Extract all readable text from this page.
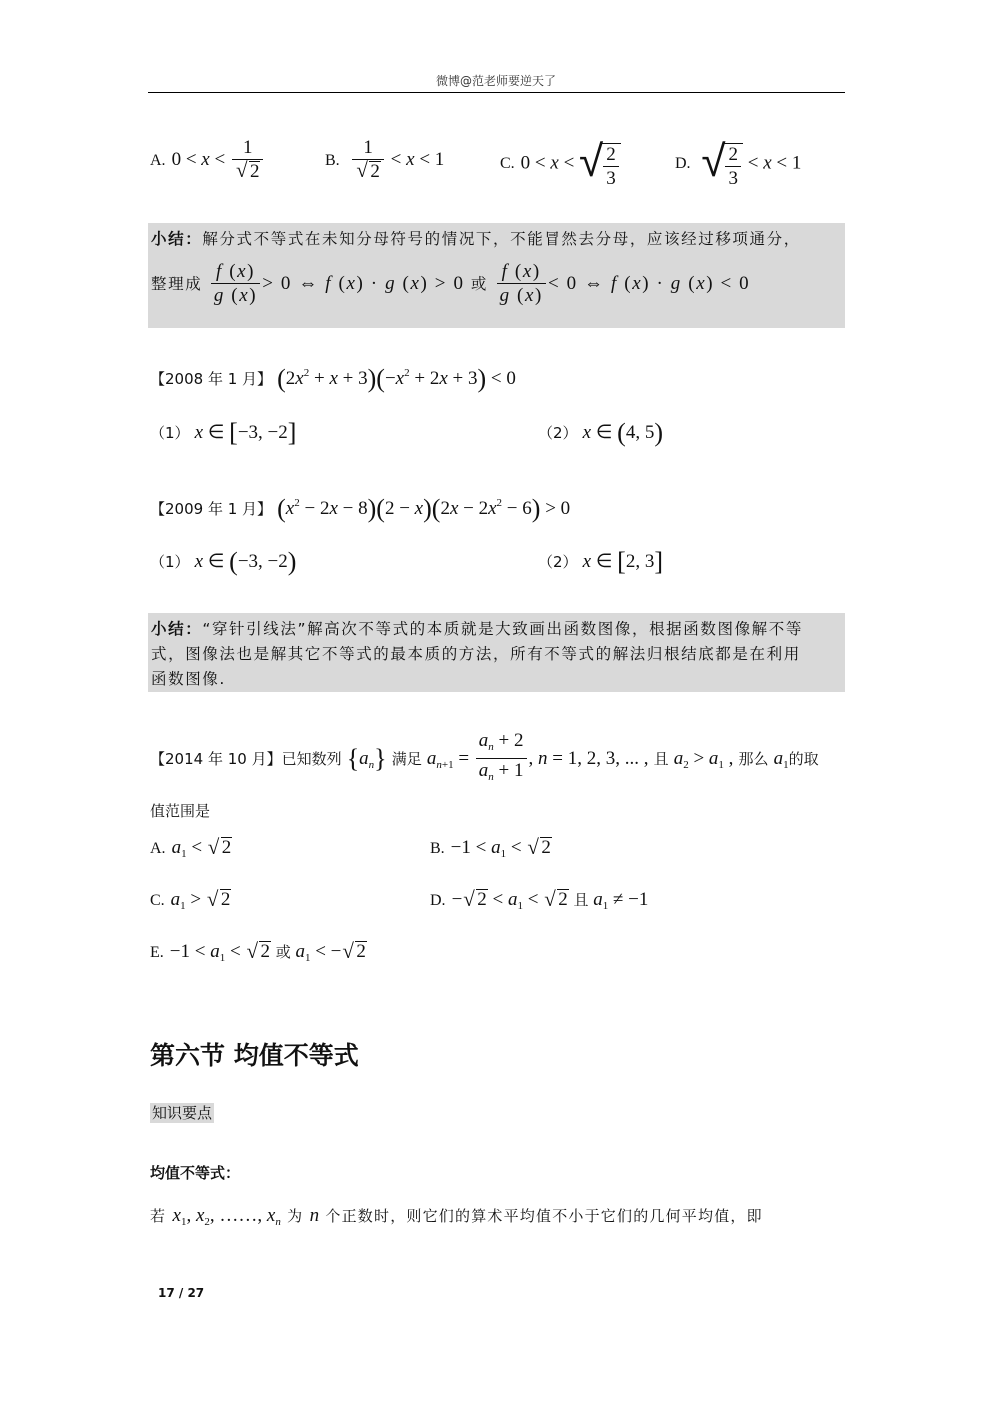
微博@范老师要逆天了
A. 0 < x < 1
√ 2	B. 1
√ 2 < x < 1	C. 0 < x < √ $\frac{2}{3}$	D. √ $\frac{2}{3} < x < 1$
小结：解分式不等式在未知分母符号的情况下，不能冒然去分母，应该经过移项通分，
整理成 $\frac{f (x)}{g (x)} > 0$ ⇔ f (x) · g (x) > 0 或 $\frac{f (x)}{g (x)} < 0$ ⇔ f (x) · g (x) < 0
【2008 年 1 月】 $(2x^2 + x + 3)(-x^2 + 2x + 3) < 0$
（1） x ∈ [−3, −2]	（2） x ∈ (4, 5)
【2009 年 1 月】 $(x^2 - 2x - 8)(2 - x)(2x - 2x^2 - 6) > 0$
（1） x ∈ (−3, −2)	（2） x ∈ [2, 3]
小结：“穿针引线法”解高次不等式的本质就是大致画出函数图像，根据函数图像解不等
式，图像法也是解其它不等式的最本质的方法，所有不等式的解法归根结底都是在利用
函数图像.
【2014 年 10 月】已知数列 $\{a_n\}$ 满足 $a_{n+1} = \frac{a_n + 2}{a_n + 1}$ , n = 1, 2, 3, ... , 且 $a_2 > a_1$ , 那么 $a_1$的取
值范围是
A. $a_1$ < √ 2	B. $-1 < a_1$ < √ 2
C. $a_1$ > √ 2	D. − √ $2 < a_1$ < √ 2 且 $a_1 \ne -1$
E. $-1 < a_1$ < √ 2 或 $a_1$ < − √ 2
第六节 均值不等式
知识要点
均值不等式：
若 $x_1$, $x_2$, ……, $x_n$ 为 n 个正数时，则它们的算术平均值不小于它们的几何平均值，即
17 / 27
